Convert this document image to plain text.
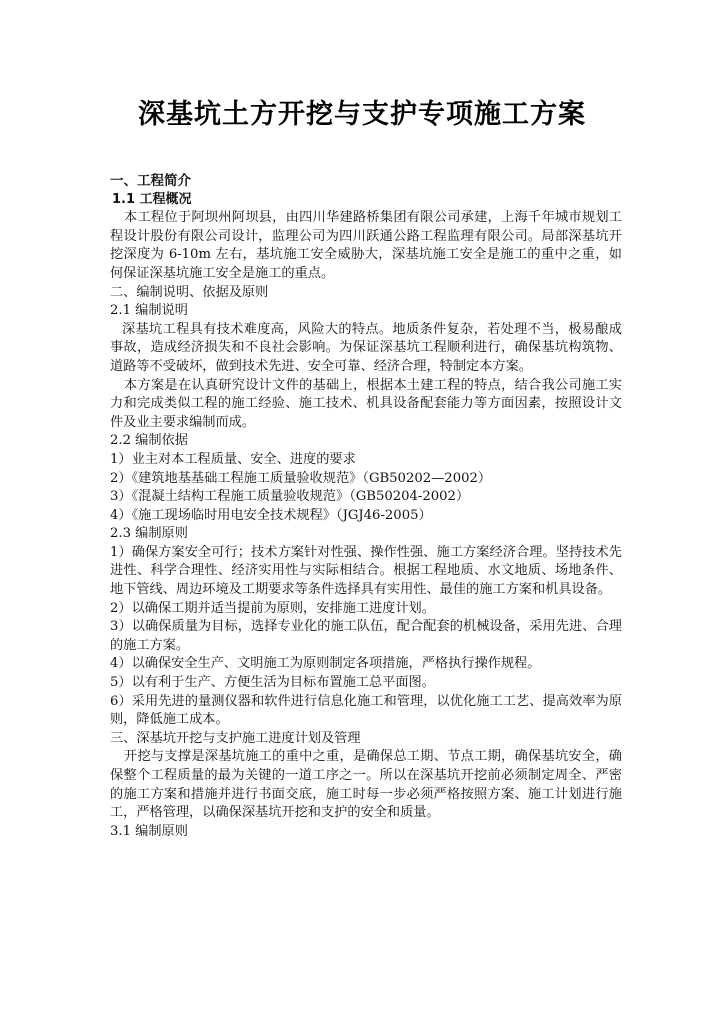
深基坑土方开挖与支护专项施工方案

一、工程简介

1.1 工程概况

本工程位于阿坝州阿坝县，由四川华建路桥集团有限公司承建，上海千年城市规划工程设计股份有限公司设计，监理公司为四川跃通公路工程监理有限公司。局部深基坑开挖深度为 6-10m 左右，基坑施工安全威胁大，深基坑施工安全是施工的重中之重，如何保证深基坑施工安全是施工的重点。

二、编制说明、依据及原则

2.1 编制说明

深基坑工程具有技术难度高，风险大的特点。地质条件复杂，若处理不当，极易酿成事故，造成经济损失和不良社会影响。为保证深基坑工程顺利进行，确保基坑构筑物、道路等不受破坏，做到技术先进、安全可靠、经济合理，特制定本方案。

本方案是在认真研究设计文件的基础上，根据本土建工程的特点，结合我公司施工实力和完成类似工程的施工经验、施工技术、机具设备配套能力等方面因素，按照设计文件及业主要求编制而成。

2.2 编制依据

1）业主对本工程质量、安全、进度的要求

2）《建筑地基基础工程施工质量验收规范》（GB50202—2002）

3）《混凝土结构工程施工质量验收规范》（GB50204-2002）

4）《施工现场临时用电安全技术规程》（JGJ46-2005）

2.3 编制原则

1）确保方案安全可行；技术方案针对性强、操作性强、施工方案经济合理。坚持技术先进性、科学合理性、经济实用性与实际相结合。根据工程地质、水文地质、场地条件、地下管线、周边环境及工期要求等条件选择具有实用性、最佳的施工方案和机具设备。

2）以确保工期并适当提前为原则，安排施工进度计划。

3）以确保质量为目标，选择专业化的施工队伍，配合配套的机械设备，采用先进、合理的施工方案。

4）以确保安全生产、文明施工为原则制定各项措施，严格执行操作规程。

5）以有利于生产、方便生活为目标布置施工总平面图。

6）采用先进的量测仪器和软件进行信息化施工和管理，以优化施工工艺、提高效率为原则，降低施工成本。

三、深基坑开挖与支护施工进度计划及管理

开挖与支撑是深基坑施工的重中之重，是确保总工期、节点工期，确保基坑安全，确保整个工程质量的最为关键的一道工序之一。所以在深基坑开挖前必须制定周全、严密的施工方案和措施并进行书面交底，施工时每一步必须严格按照方案、施工计划进行施工，严格管理，以确保深基坑开挖和支护的安全和质量。

3.1 编制原则
